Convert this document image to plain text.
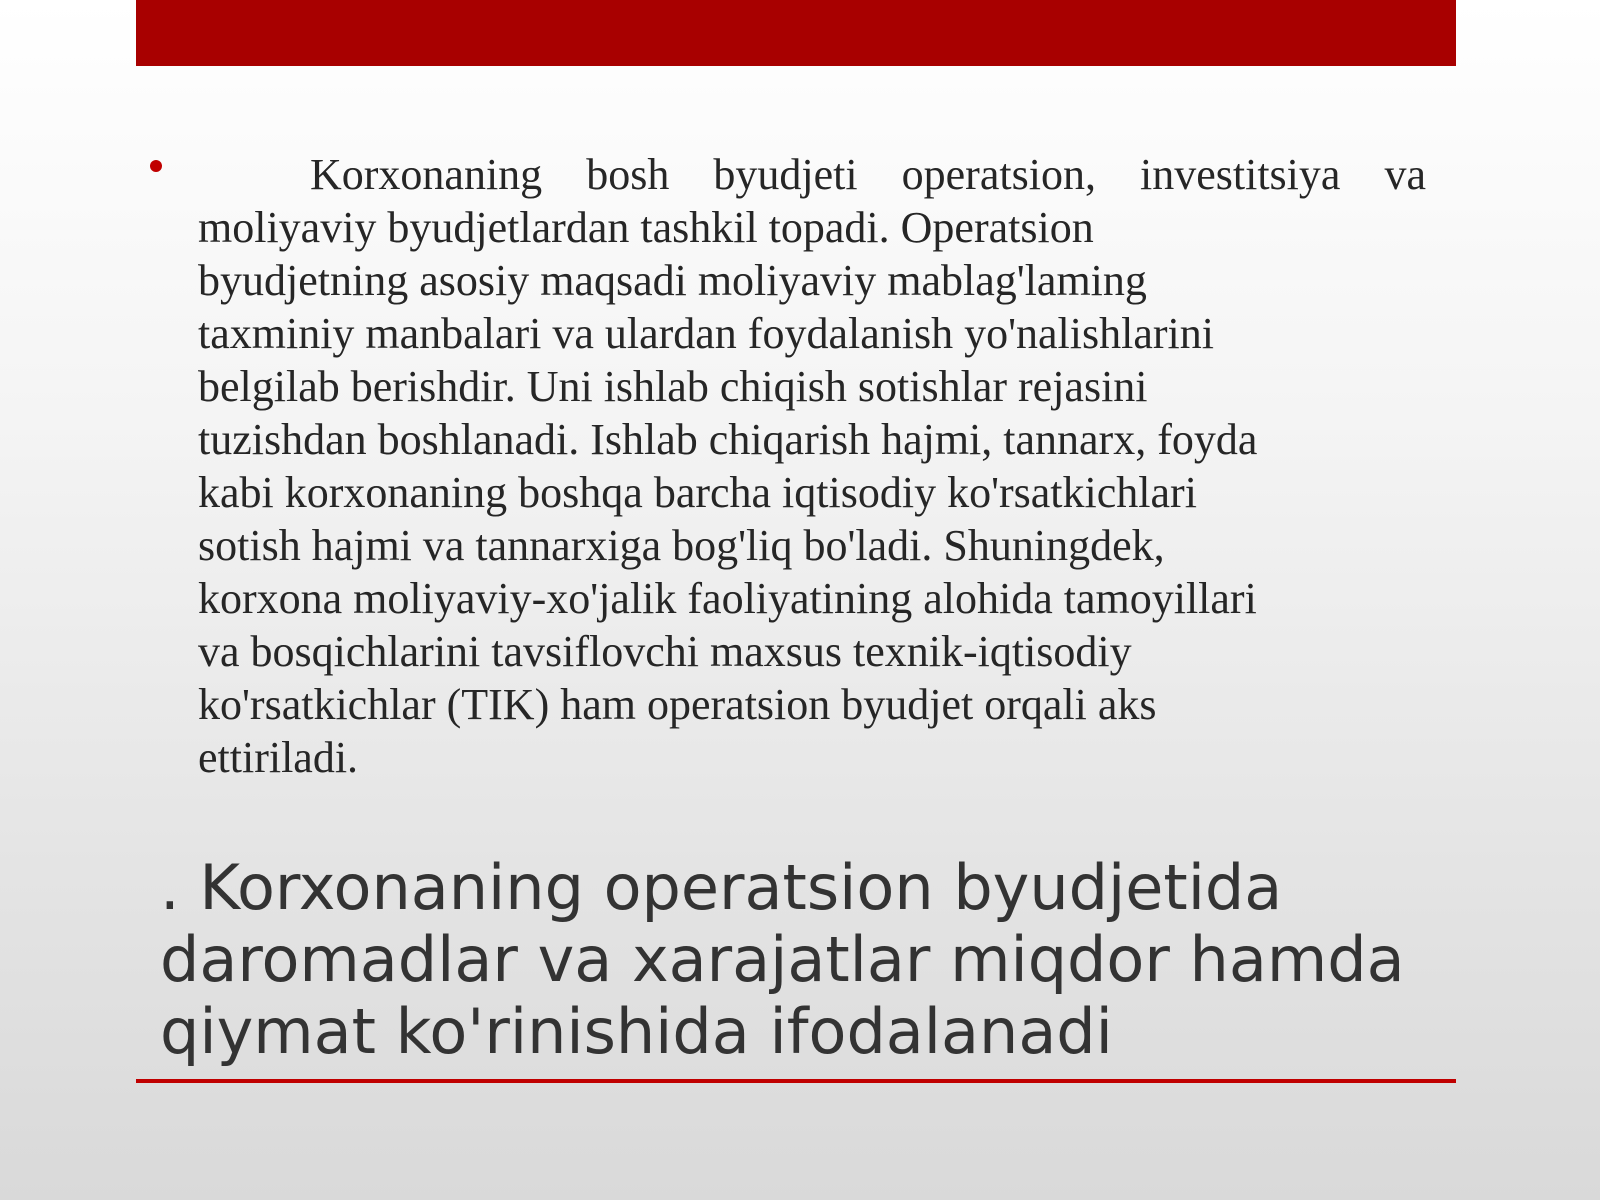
Korxonaning bosh byudjeti operatsion, investitsiya va
moliyaviy byudjetlardan tashkil topadi. Operatsion
byudjetning asosiy maqsadi moliyaviy mablag'laming
taxminiy manbalari va ulardan foydalanish yo'nalishlarini
belgilab berishdir. Uni ishlab chiqish sotishlar rejasini
tuzishdan boshlanadi. Ishlab chiqarish hajmi, tannarx, foyda
kabi korxonaning boshqa barcha iqtisodiy ko'rsatkichlari
sotish hajmi va tannarxiga bog'liq bo'ladi. Shuningdek,
korxona moliyaviy-xo'jalik faoliyatining alohida tamoyillari
va bosqichlarini tavsiflovchi maxsus texnik-iqtisodiy
ko'rsatkichlar (TIK) ham operatsion byudjet orqali aks
ettiriladi.
. Korxonaning operatsion byudjetida
daromadlar va xarajatlar miqdor hamda
qiymat ko'rinishida ifodalanadi
